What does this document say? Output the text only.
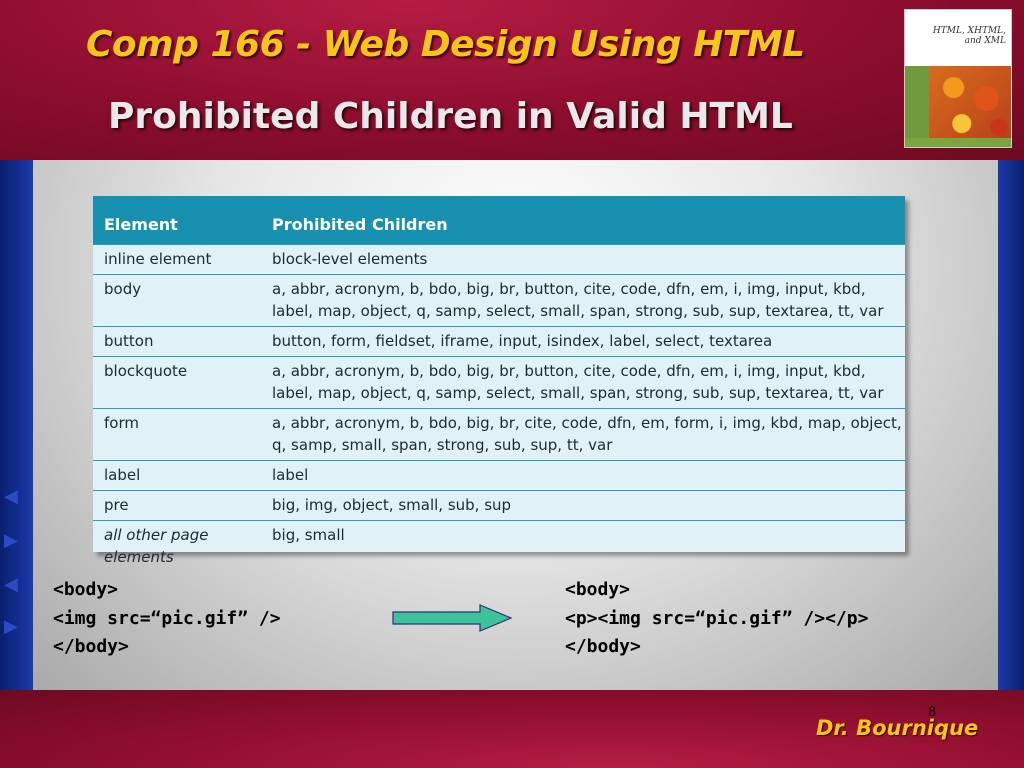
Comp 166 - Web Design Using HTML
Prohibited Children in Valid HTML
HTML, XHTML, and XML
◀
▶
◀
▶
Element	Prohibited Children
inline element	block-level elements
body	a, abbr, acronym, b, bdo, big, br, button, cite, code, dfn, em, i, img, input, kbd, label, map, object, q, samp, select, small, span, strong, sub, sup, textarea, tt, var
button	button, form, fieldset, iframe, input, isindex, label, select, textarea
blockquote	a, abbr, acronym, b, bdo, big, br, button, cite, code, dfn, em, i, img, input, kbd, label, map, object, q, samp, select, small, span, strong, sub, sup, textarea, tt, var
form	a, abbr, acronym, b, bdo, big, br, cite, code, dfn, em, form, i, img, kbd, map, object, q, samp, small, span, strong, sub, sup, tt, var
label	label
pre	big, img, object, small, sub, sup
all other page elements	big, small
<body>
<img src=“pic.gif” />
</body>
<body>
<p><img src=“pic.gif” /></p>
</body>
8
Dr. Bournique
